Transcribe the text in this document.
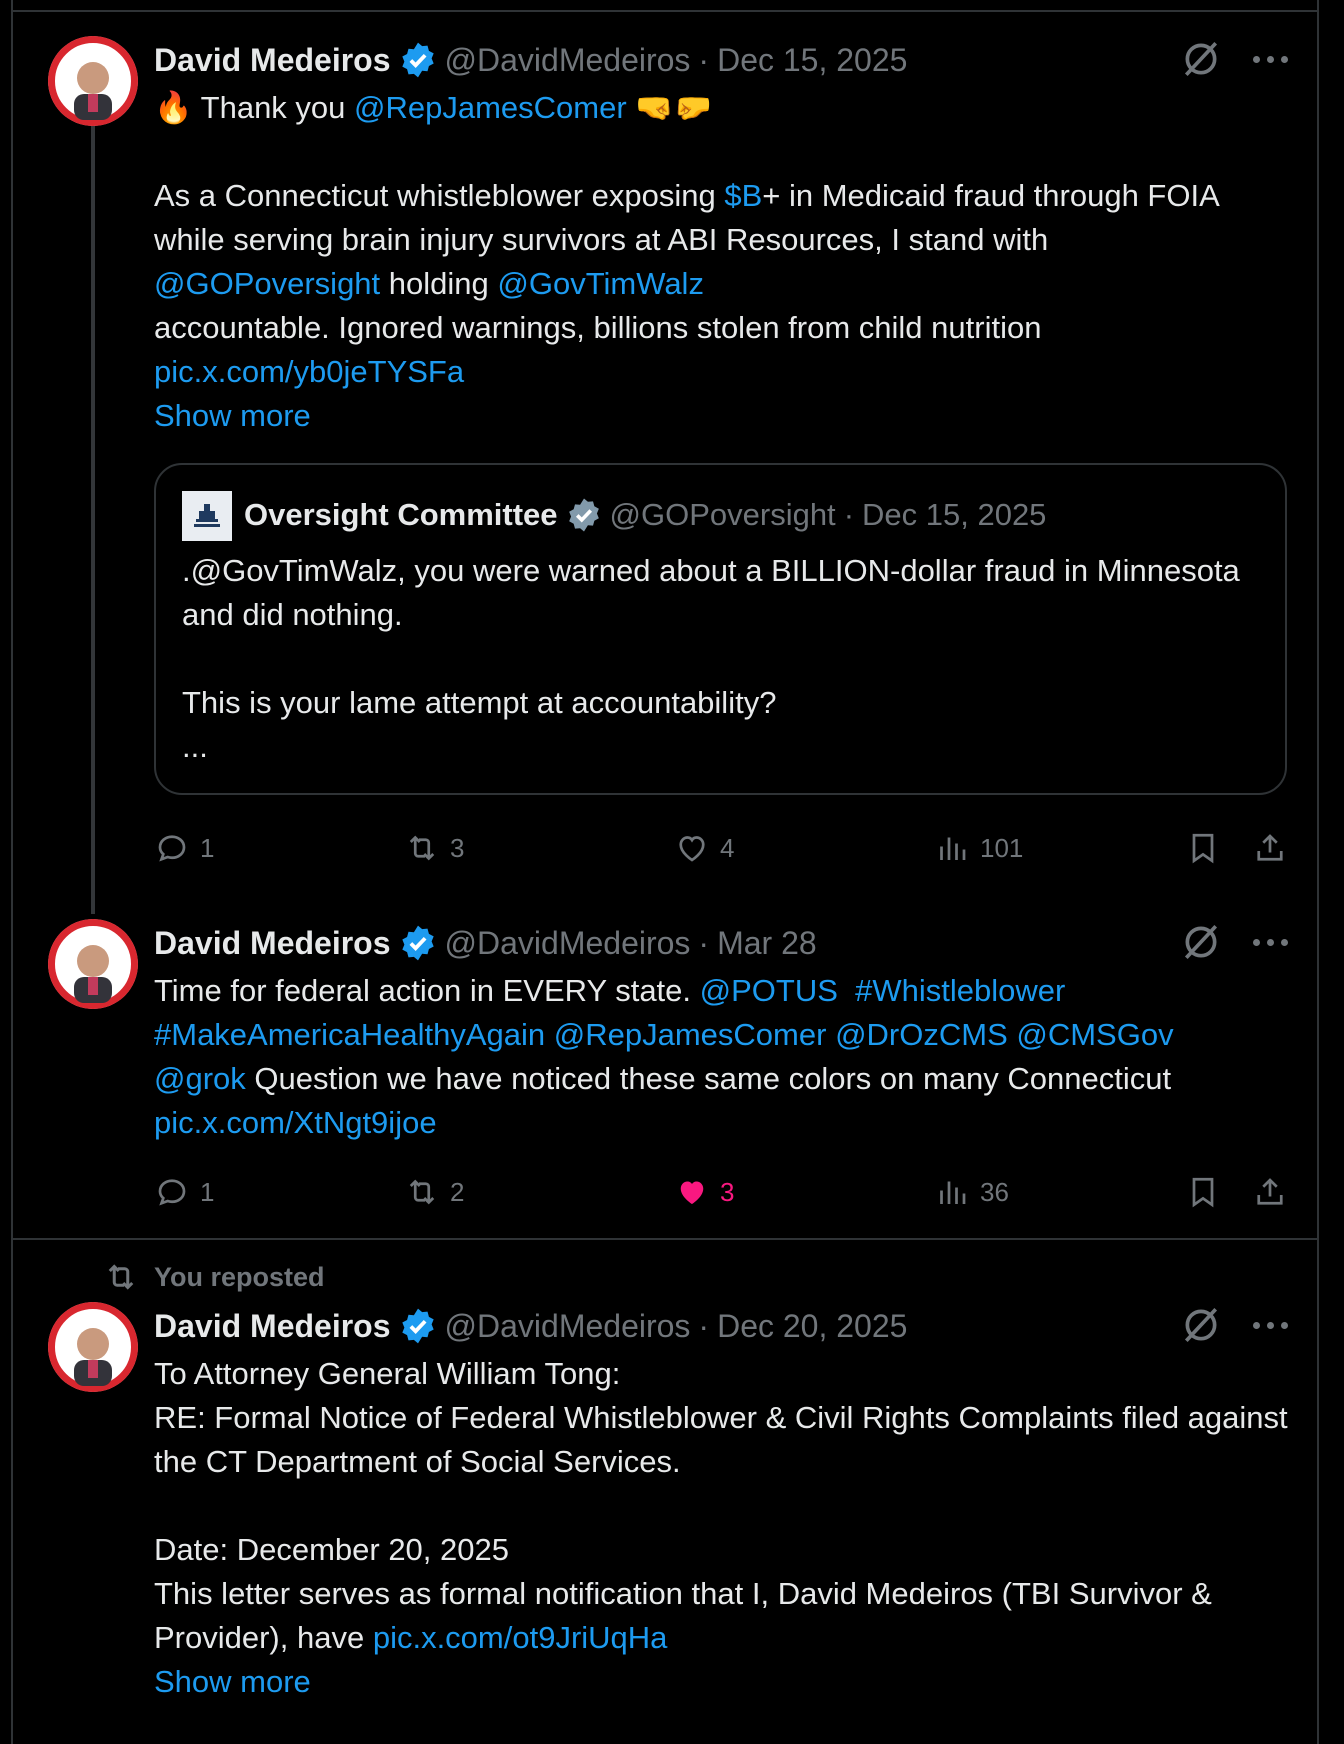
David Medeiros @DavidMedeiros · Dec 15, 2025
🔥 Thank you @RepJamesComer 🤜🤛

As a Connecticut whistleblower exposing $B+ in Medicaid fraud through FOIA while serving brain injury survivors at ABI Resources, I stand with
@GOPoversight holding @GovTimWalz
accountable. Ignored warnings, billions stolen from child nutrition
pic.x.com/yb0jeTYSFa
Show more
Oversight Committee @GOPoversight · Dec 15, 2025
.@GovTimWalz, you were warned about a BILLION-dollar fraud in Minnesota and did nothing.

This is your lame attempt at accountability?
...
1	3	4	101
David Medeiros @DavidMedeiros · Mar 28
Time for federal action in EVERY state. @POTUS #Whistleblower
#MakeAmericaHealthyAgain @RepJamesComer @DrOzCMS @CMSGov
@grok Question we have noticed these same colors on many Connecticut
pic.x.com/XtNgt9ijoe
1	2	3	36
You reposted
David Medeiros @DavidMedeiros · Dec 20, 2025
To Attorney General William Tong:
RE: Formal Notice of Federal Whistleblower & Civil Rights Complaints filed against the CT Department of Social Services.

Date: December 20, 2025
This letter serves as formal notification that I, David Medeiros (TBI Survivor & Provider), have pic.x.com/ot9JriUqHa
Show more
